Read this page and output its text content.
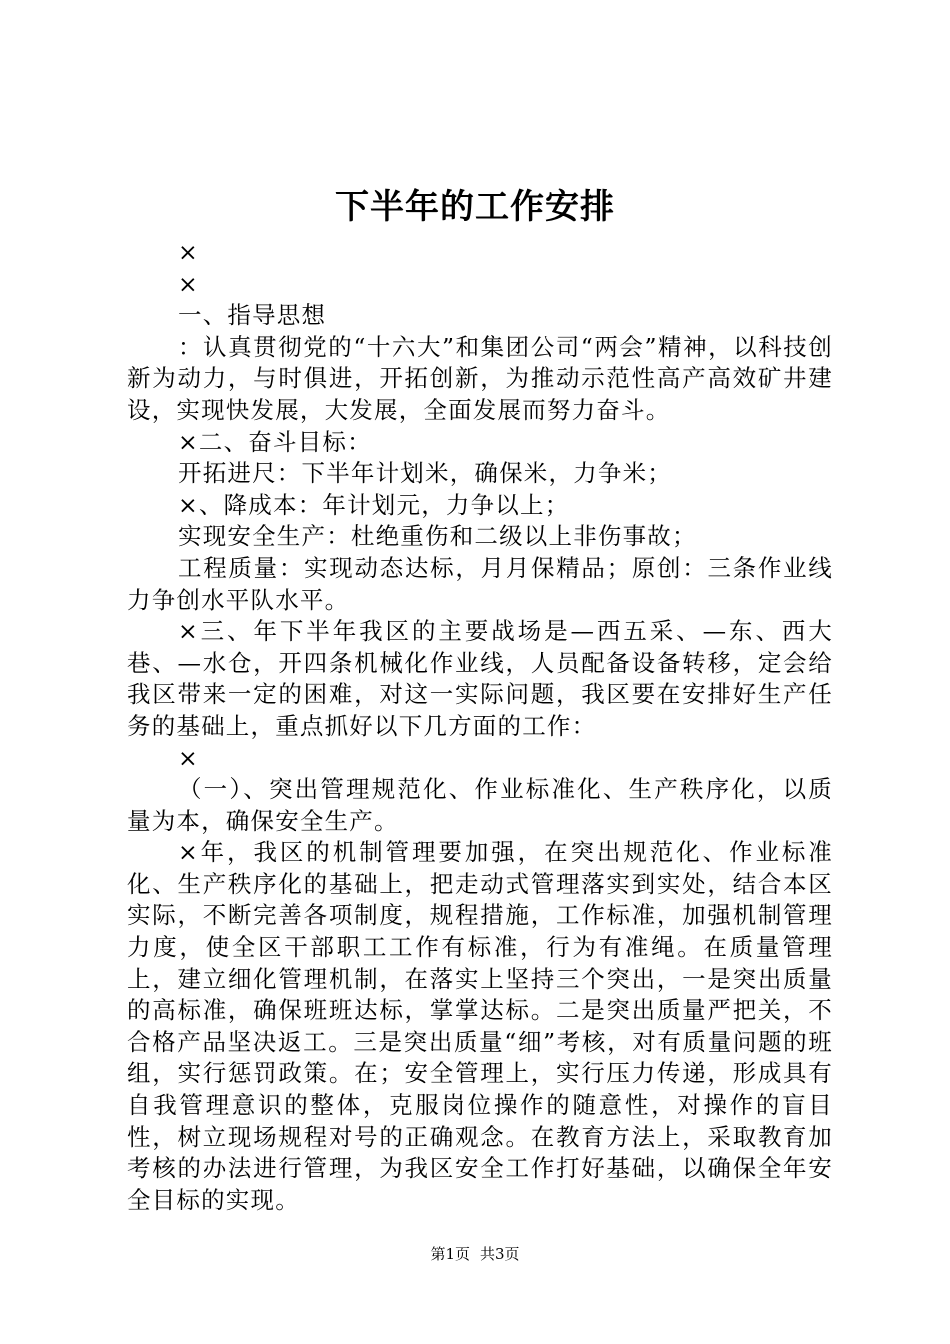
下半年的工作安排

×

×

一、指导思想

：认真贯彻党的“十六大”和集团公司“两会”精神，以科技创新为动力，与时俱进，开拓创新，为推动示范性高产高效矿井建设，实现快发展，大发展，全面发展而努力奋斗。

×二、奋斗目标：

开拓进尺：下半年计划米，确保米，力争米；

×、降成本：年计划元，力争以上；

实现安全生产：杜绝重伤和二级以上非伤事故；

工程质量：实现动态达标，月月保精品；原创：三条作业线力争创水平队水平。

×三、年下半年我区的主要战场是—西五采、—东、西大巷、—水仓，开四条机械化作业线，人员配备设备转移，定会给我区带来一定的困难，对这一实际问题，我区要在安排好生产任务的基础上，重点抓好以下几方面的工作：

×

（一）、突出管理规范化、作业标准化、生产秩序化，以质量为本，确保安全生产。

×年，我区的机制管理要加强，在突出规范化、作业标准化、生产秩序化的基础上，把走动式管理落实到实处，结合本区实际，不断完善各项制度，规程措施，工作标准，加强机制管理力度，使全区干部职工工作有标准，行为有准绳。在质量管理上，建立细化管理机制，在落实上坚持三个突出，一是突出质量的高标准，确保班班达标，掌掌达标。二是突出质量严把关，不合格产品坚决返工。三是突出质量“细”考核，对有质量问题的班组，实行惩罚政策。在；安全管理上，实行压力传递，形成具有自我管理意识的整体，克服岗位操作的随意性，对操作的盲目性，树立现场规程对号的正确观念。在教育方法上，采取教育加考核的办法进行管理，为我区安全工作打好基础，以确保全年安全目标的实现。

第1页 共3页
